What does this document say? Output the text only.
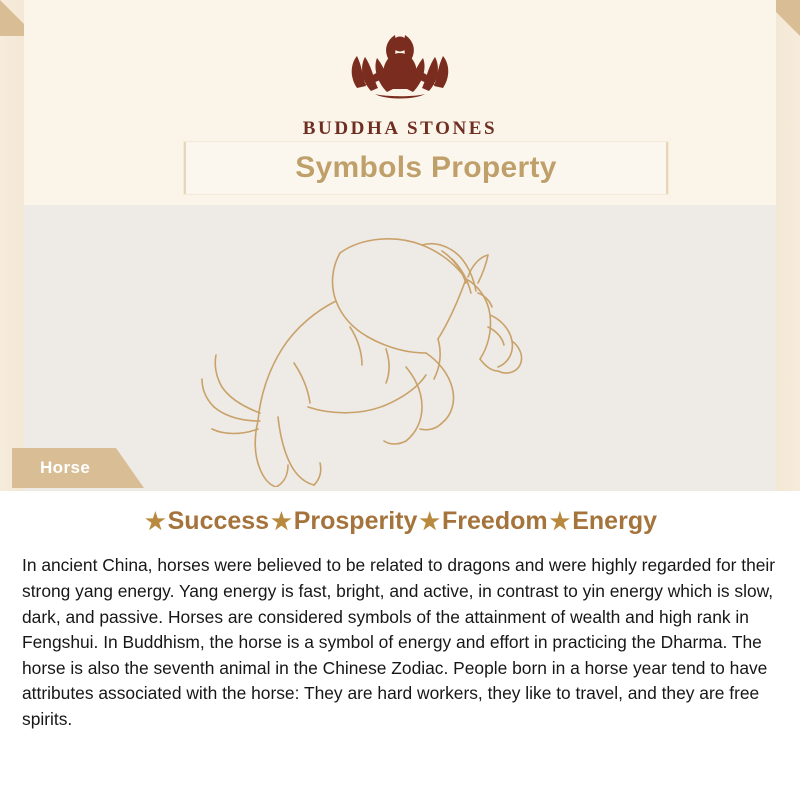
BUDDHA STONES
Symbols Property
Horse
★ Success ★ Prosperity ★ Freedom ★ Energy

In ancient China, horses were believed to be related to dragons and were highly regarded for their strong yang energy. Yang energy is fast, bright, and active, in contrast to yin energy which is slow, dark, and passive. Horses are considered symbols of the attainment of wealth and high rank in Fengshui. In Buddhism, the horse is a symbol of energy and effort in practicing the Dharma. The horse is also the seventh animal in the Chinese Zodiac. People born in a horse year tend to have attributes associated with the horse: They are hard workers, they like to travel, and they are free spirits.
